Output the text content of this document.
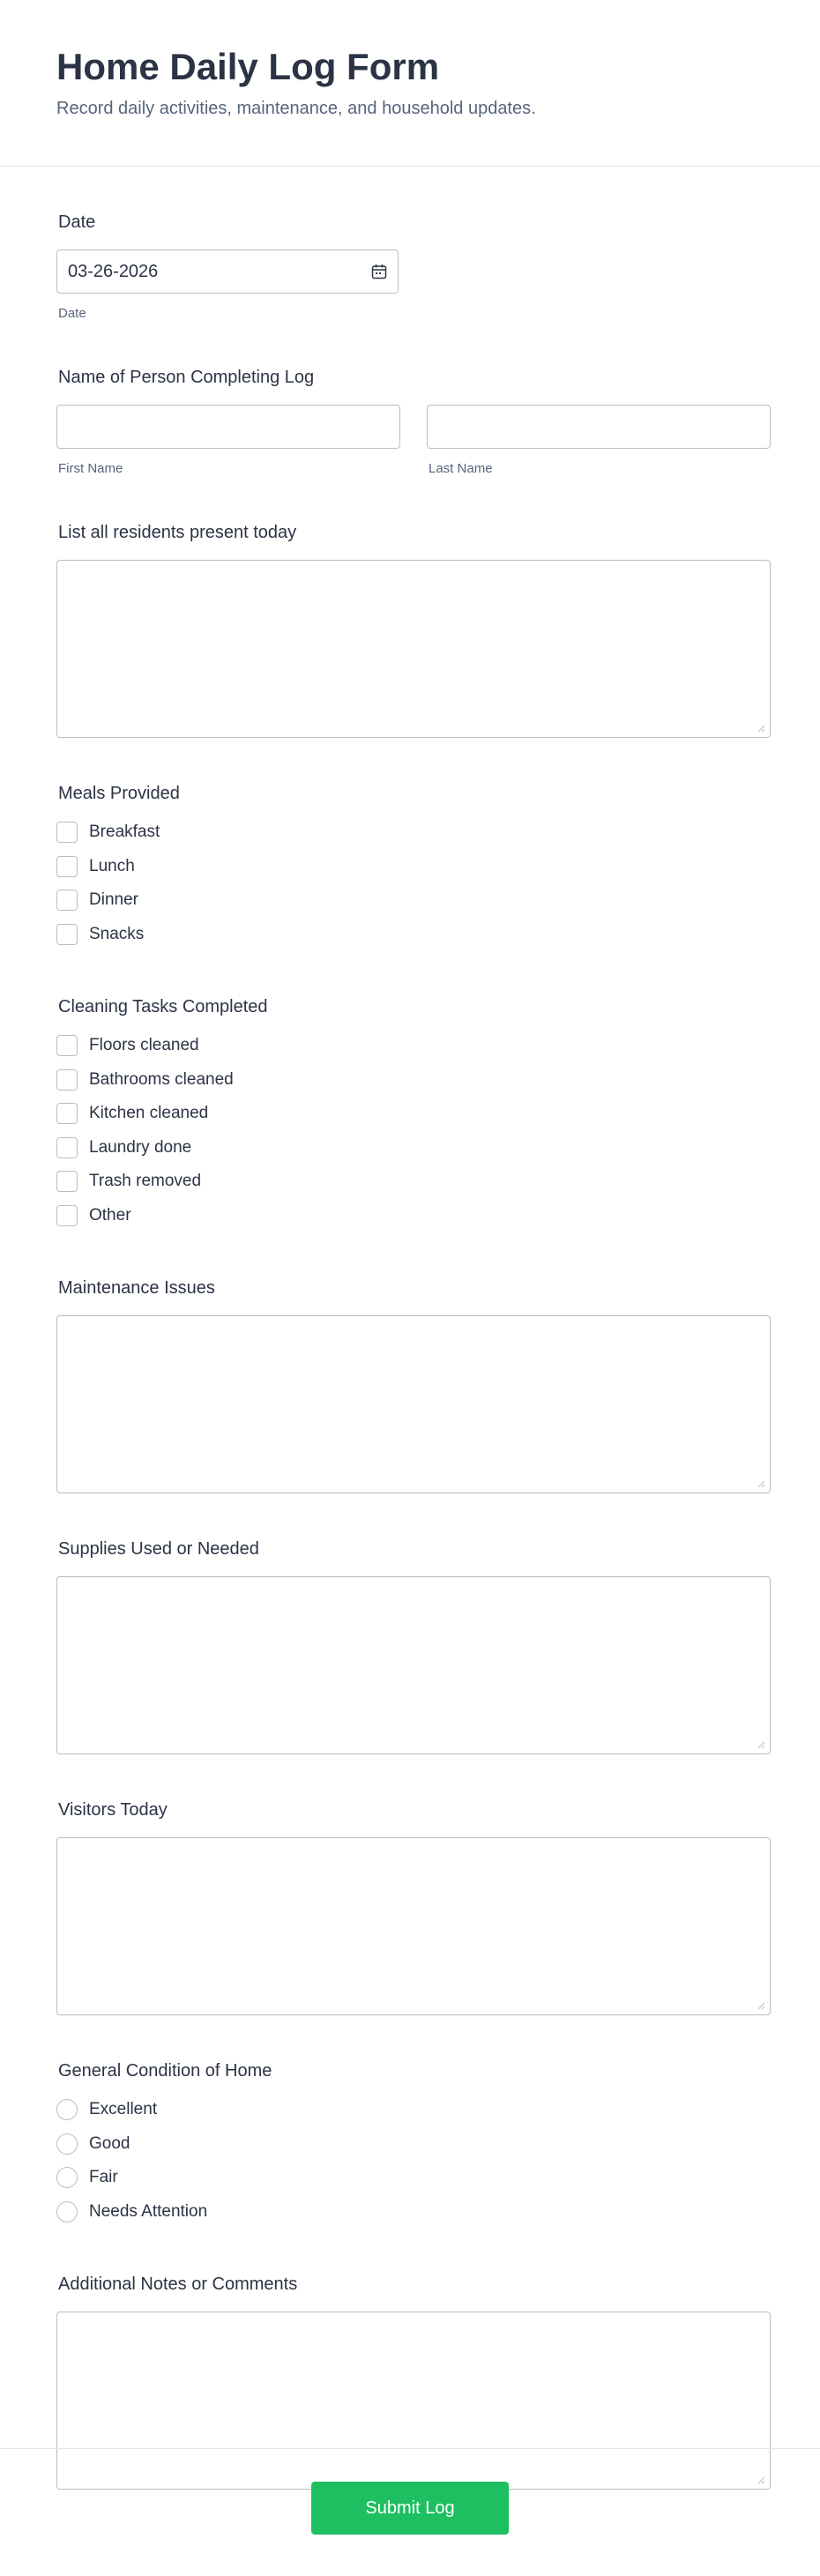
Home Daily Log Form

Record daily activities, maintenance, and household updates.

Date
03-26-2026
Date
Name of Person Completing Log
First Name	Last Name
List all residents present today
Meals Provided
Breakfast
Lunch
Dinner
Snacks
Cleaning Tasks Completed
Floors cleaned
Bathrooms cleaned
Kitchen cleaned
Laundry done
Trash removed
Other
Maintenance Issues
Supplies Used or Needed
Visitors Today
General Condition of Home
Excellent
Good
Fair
Needs Attention
Additional Notes or Comments
Submit Log
